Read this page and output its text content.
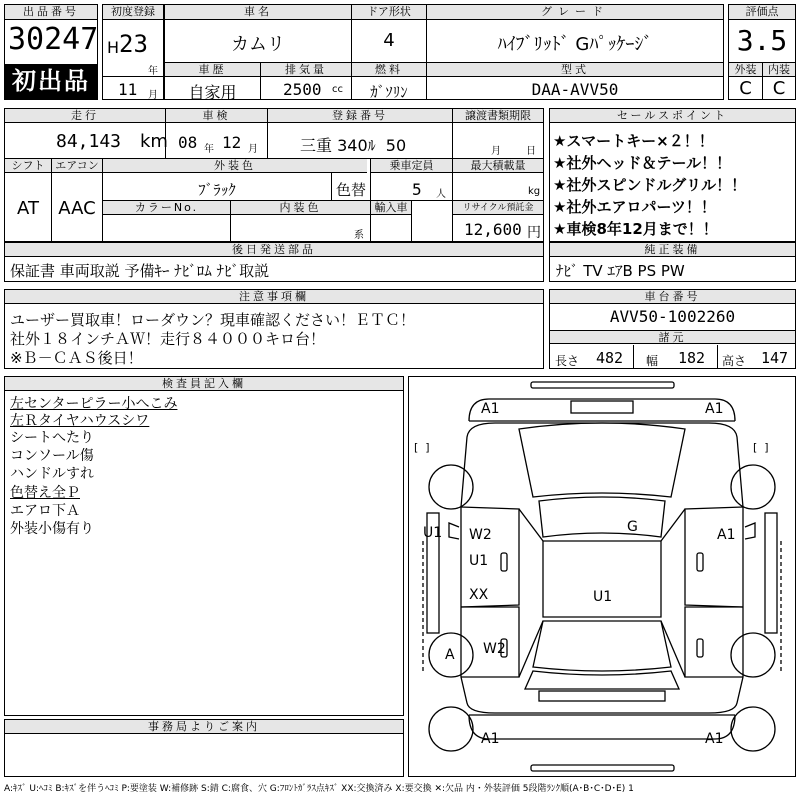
出品番号
30247
初出品
初度登録
H 23
年
11 月
車名
カムリ
ドア形状
4
グレード
ﾊｲﾌﾞﾘｯﾄﾞ Gﾊﾟｯｹｰｼﾞ
車歴
自家用
排気量
2500 cc
燃料
ｶﾞｿﾘﾝ
型式
DAA-AVV50
評価点
3.5
外装	内装
C	C
走行
84,143 km
車検
08 年 12 月
登録番号
三重 340ﾙ  50
譲渡書類期限
月	日
シフト
AT
エアコン
AAC
外装色
ﾌﾞﾗｯｸ	色替
乗車定員
5 人
最大積載量
kg
カラーNo.	内装色
系
輸入車	リサイクル預託金
12,600 円
後日発送部品
保証書 車両取説 予備ｷｰ ﾅﾋﾞﾛﾑ ﾅﾋﾞ取説
セールスポイント
★スマートキー×２！！
★社外ヘッド＆テール！！
★社外スピンドルグリル！！
★社外エアロパーツ！！
★車検8年12月まで！！
純正装備
ﾅﾋﾞ TV ｴｱB PS PW
注意事項欄
ユーザー買取車！ローダウン？現車確認ください！ＥＴＣ！
社外１８インチＡＷ！走行８４０００キロ台！
※Ｂ－ＣＡＳ後日！
車台番号
AVV50-1002260
諸元
長さ 482 幅 182 高さ 147
検査員記入欄
左センターピラー小へこみ
左Ｒタイヤハウスシワ
シートへたり
コンソール傷
ハンドルすれ
色替え全Ｐ
エアロ下Ａ
外装小傷有り
事務局よりご案内
[  ]	[  ]
A1	A1
U1 W2
U1
G	A1
XX	U1
A W2
A1	A1
A:ｷｽﾞ U:ﾍｺﾐ B:ｷｽﾞを伴うﾍｺﾐ P:要塗装 W:補修跡 S:錆 C:腐食、穴 G:ﾌﾛﾝﾄｶﾞﾗｽ点ｷｽﾞ XX:交換済み X:要交換 ✕:欠品 内・外装評価 5段階ﾗﾝｸ順(A･B･C･D･E) 1
